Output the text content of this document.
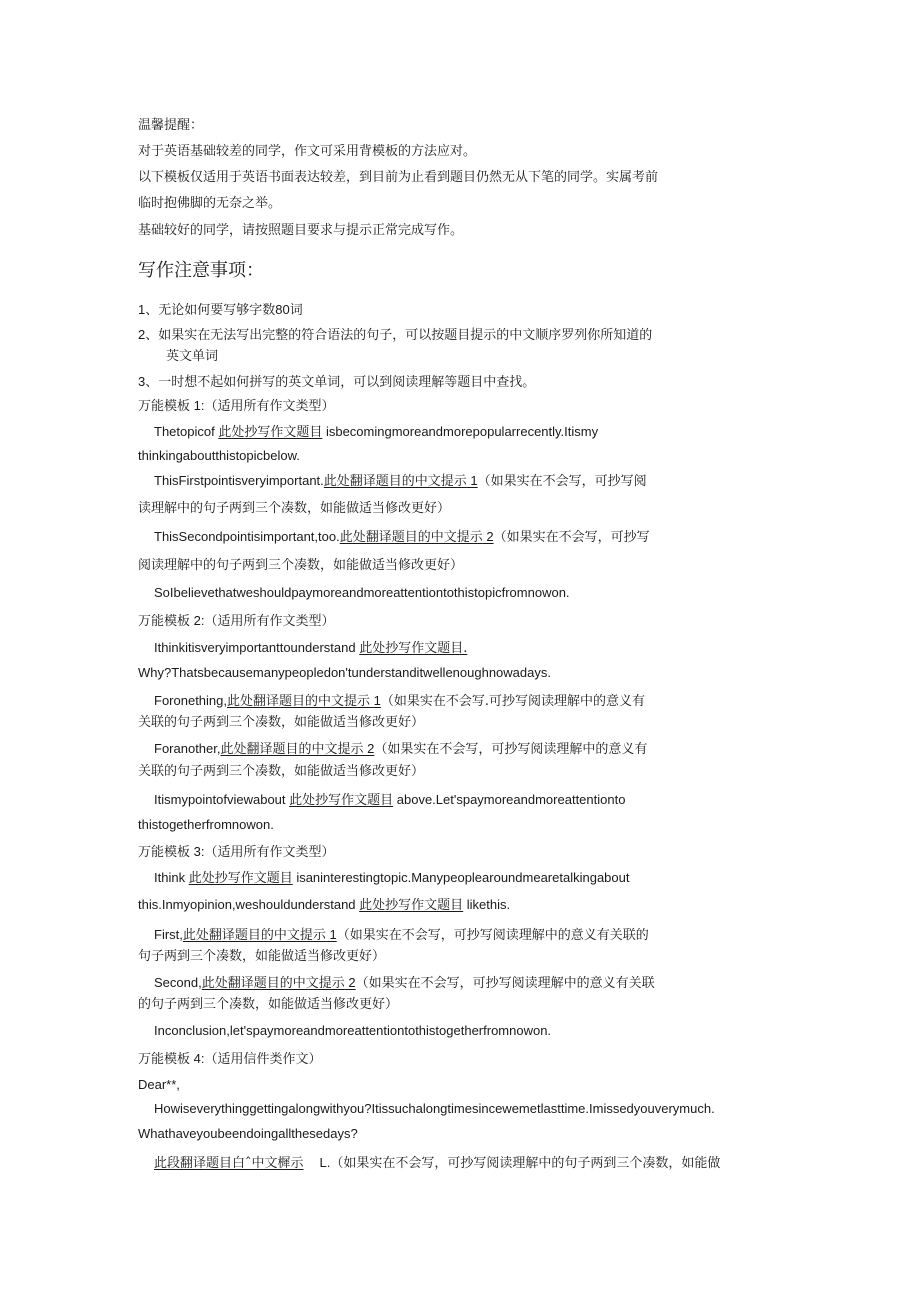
温馨提醒：
对于英语基础较差的同学，作文可采用背模板的方法应对。
以下模板仅适用于英语书面表达较差，到目前为止看到题目仍然无从下笔的同学。实属考前
临时抱佛脚的无奈之举。
基础较好的同学，请按照题目要求与提示正常完成写作。
写作注意事项：
1、无论如何要写够字数80词
2、如果实在无法写出完整的符合语法的句子，可以按题目提示的中文顺序罗列你所知道的
英文单词
3、一时想不起如何拼写的英文单词，可以到阅读理解等题目中查找。
万能模板 1:（适用所有作文类型）
Thetopicof 此处抄写作文题目 isbecomingmoreandmorepopularrecently.Itismy
thinkingaboutthistopicbelow.
ThisFirstpointisveryimportant.此处翻译题目的中文提示 1（如果实在不会写，可抄写阅
读理解中的句子两到三个凑数，如能做适当修改更好）
ThisSecondpointisimportant,too.此处翻译题目的中文提示 2（如果实在不会写，可抄写
阅读理解中的句子两到三个凑数，如能做适当修改更好）
SoIbelievethatweshouldpaymoreandmoreattentiontothistopicfromnowon.
万能模板 2:（适用所有作文类型）
Ithinkitisveryimportanttounderstand 此处抄写作文题目.
Why?Thatsbecausemanypeopledon'tunderstanditwellenoughnowadays.
Foronething,此处翻译题目的中文提示 1（如果实在不会写.可抄写阅读理解中的意义有
关联的句子两到三个凑数，如能做适当修改更好）
Foranother,此处翻译题目的中文提示 2（如果实在不会写，可抄写阅读理解中的意义有
关联的句子两到三个凑数，如能做适当修改更好）
Itismypointofviewabout 此处抄写作文题目 above.Let'spaymoreandmoreattentionto
thistogetherfromnowon.
万能模板 3:（适用所有作文类型）
Ithink 此处抄写作文题目 isaninterestingtopic.Manypeoplearoundmearetalkingabout
this.Inmyopinion,weshouldunderstand 此处抄写作文题目 likethis.
First,此处翻译题目的中文提示 1（如果实在不会写，可抄写阅读理解中的意义有关联的
句子两到三个凑数，如能做适当修改更好）
Second,此处翻译题目的中文提示 2（如果实在不会写，可抄写阅读理解中的意义有关联
的句子两到三个凑数，如能做适当修改更好）
Inconclusion,let'spaymoreandmoreattentiontothistogetherfromnowon.
万能模板 4:（适用信件类作文）
Dear**,
Howiseverythinggettingalongwithyou?Itissuchalongtimesincewemetlasttime.Imissedyouverymuch.
Whathaveyoubeendoingallthesedays?
此段翻译题目白ˆ中文樨示 L.（如果实在不会写，可抄写阅读理解中的句子两到三个凑数，如能做
